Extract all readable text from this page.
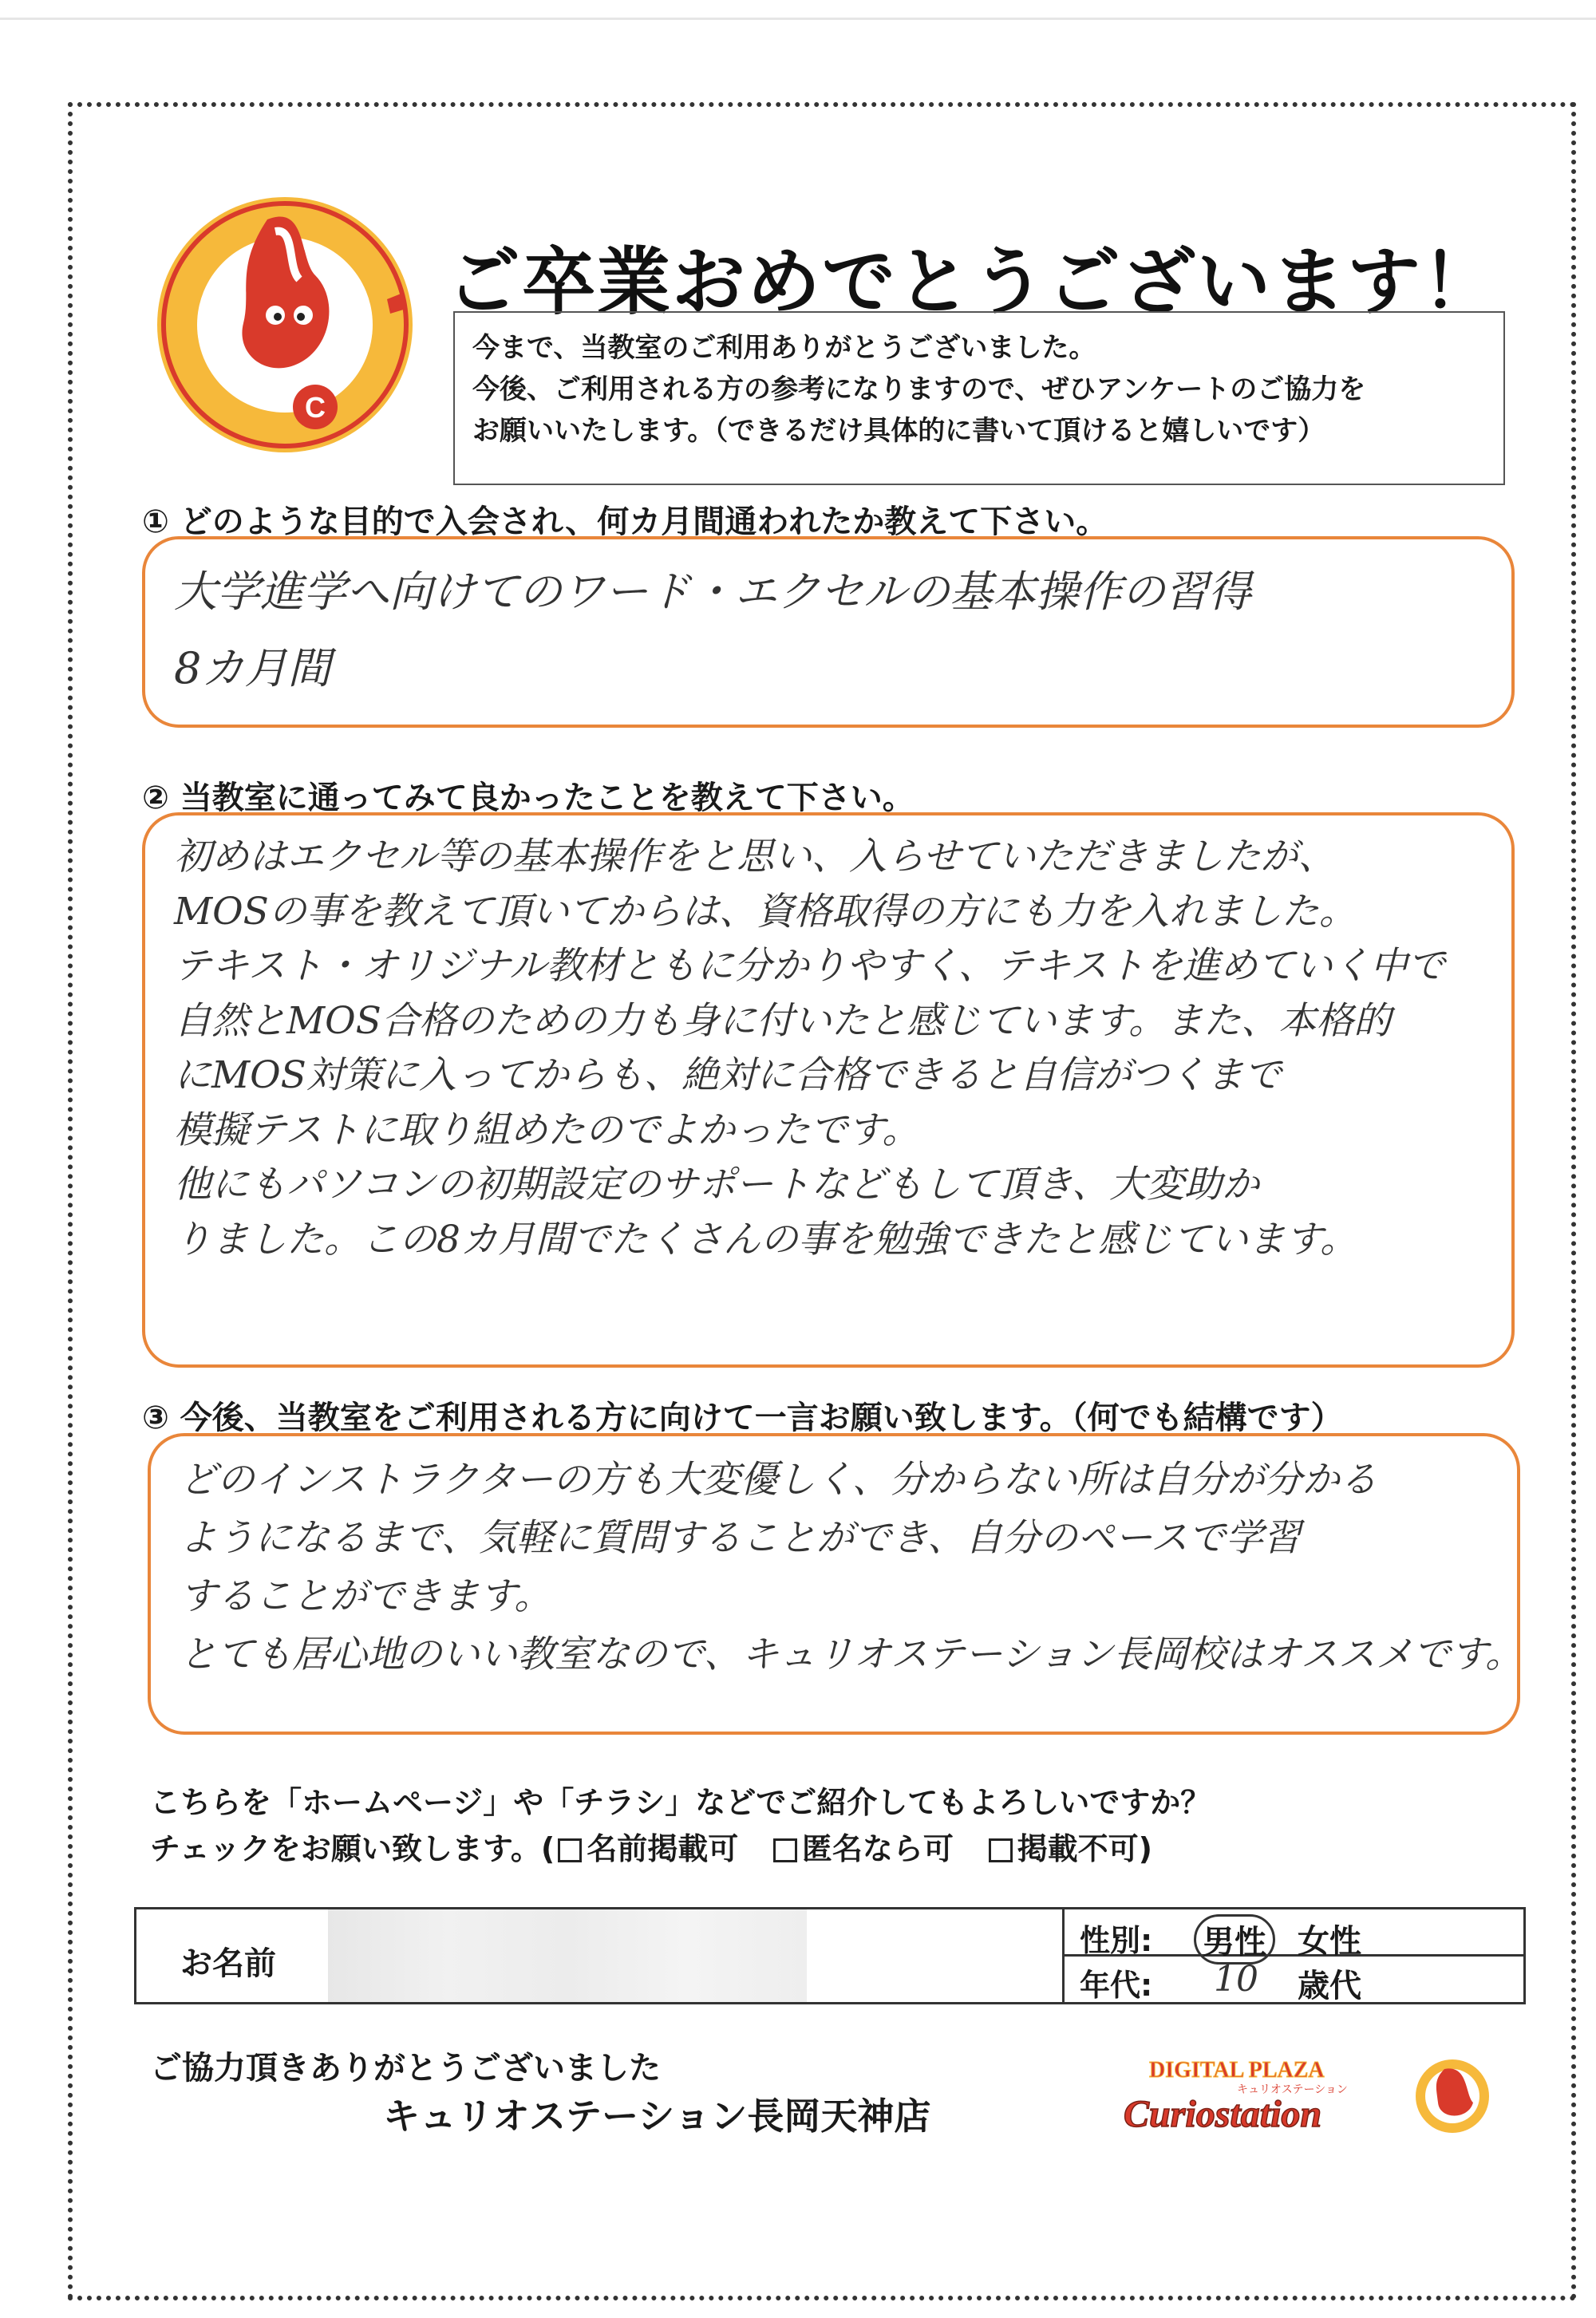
C
ご卒業おめでとうございます！
今まで、当教室のご利用ありがとうございました。
今後、ご利用される方の参考になりますので、ぜひアンケートのご協力を
お願いいたします。（できるだけ具体的に書いて頂けると嬉しいです）
① どのような目的で入会され、何カ月間通われたか教えて下さい。
大学進学へ向けてのワード・エクセルの基本操作の習得
8カ月間
② 当教室に通ってみて良かったことを教えて下さい。
初めはエクセル等の基本操作をと思い、入らせていただきましたが、
MOSの事を教えて頂いてからは、資格取得の方にも力を入れました。
テキスト・オリジナル教材ともに分かりやすく、テキストを進めていく中で
自然とMOS合格のための力も身に付いたと感じています。また、本格的
にMOS対策に入ってからも、絶対に合格できると自信がつくまで
模擬テストに取り組めたのでよかったです。
他にもパソコンの初期設定のサポートなどもして頂き、大変助か
りました。この8カ月間でたくさんの事を勉強できたと感じています。
③ 今後、当教室をご利用される方に向けて一言お願い致します。（何でも結構です）
どのインストラクターの方も大変優しく、分からない所は自分が分かる
ようになるまで、気軽に質問することができ、自分のペースで学習
することができます。
とても居心地のいい教室なので、キュリオステーション長岡校はオススメです。
こちらを「ホームページ」や「チラシ」などでご紹介してもよろしいですか？
チェックをお願い致します。( 名前掲載可 匿名なら可 掲載不可)
お名前
性別: 男性 女性
年代: 10 歳代
ご協力頂きありがとうございました
キュリオステーション長岡天神店
DIGITAL PLAZA
キュリオステーション
Curiostation
